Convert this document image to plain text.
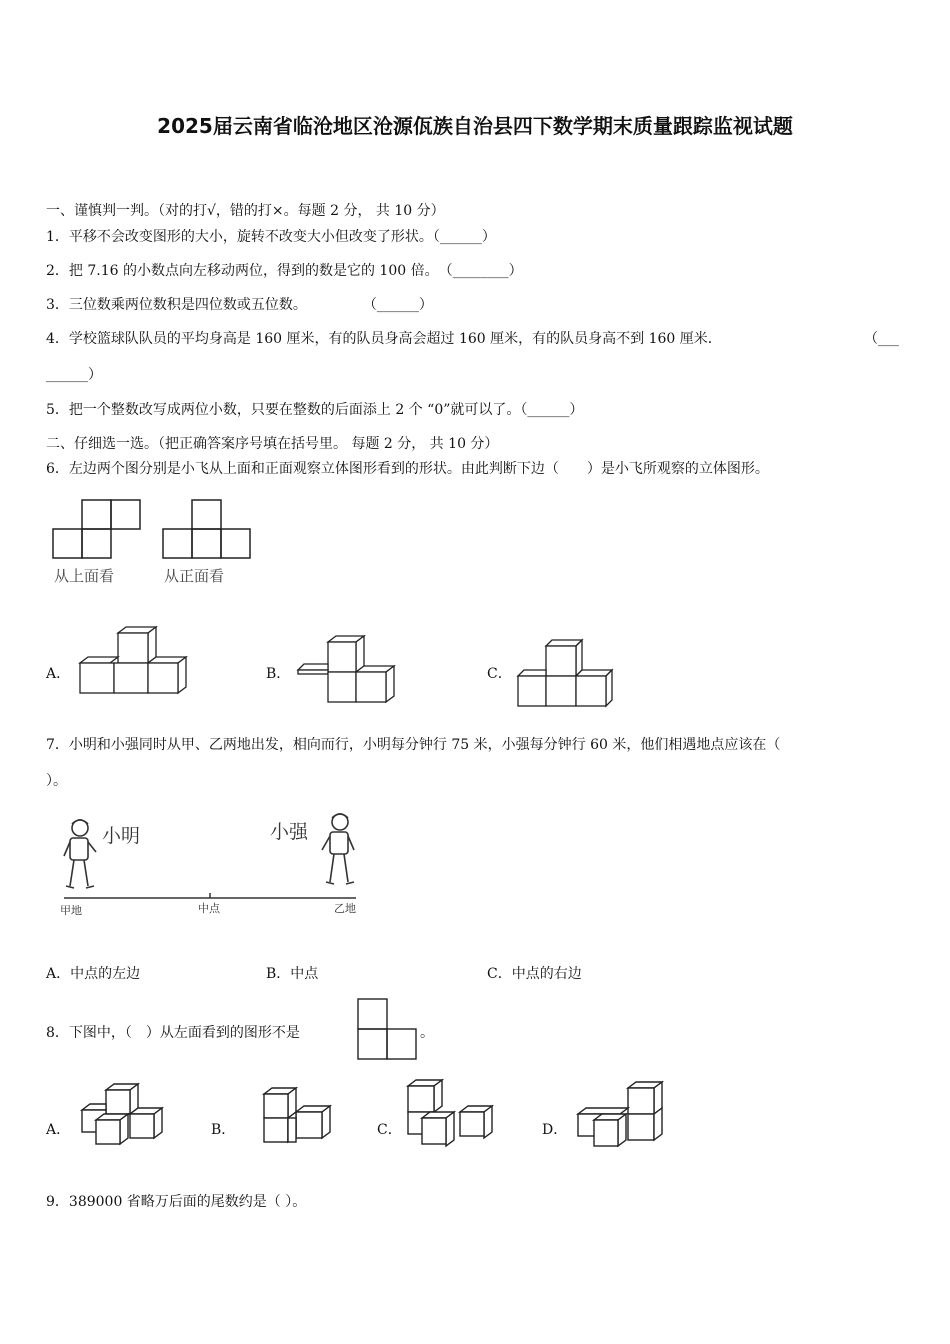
2025届云南省临沧地区沧源佤族自治县四下数学期末质量跟踪监视试题
一、谨慎判一判。（对的打√，错的打×。每题 2 分， 共 10 分）
1．平移不会改变图形的大小，旋转不改变大小但改变了形状。（______）
2．把 7.16 的小数点向左移动两位，得到的数是它的 100 倍。　（________）
3．三位数乘两位数积是四位数或五位数。　　　　　（______）
4．学校篮球队队员的平均身高是 160 厘米，有的队员身高会超过 160 厘米，有的队员身高不到 160 厘米．	（___
______）
5．把一个整数改写成两位小数，只要在整数的后面添上 2 个 “0”就可以了。（______）
二、仔细选一选。（把正确答案序号填在括号里。 每题 2 分， 共 10 分）
6．左边两个图分别是小飞从上面和正面观察立体图形看到的形状。由此判断下边（　　）是小飞所观察的立体图形。
从上面看	从正面看
A．	B．	C．
7．小明和小强同时从甲、乙两地出发，相向而行，小明每分钟行 75 米，小强每分钟行 60 米，他们相遇地点应该在（
）。
小明	小强
甲地	中点	乙地
A．中点的左边	B．中点	C．中点的右边
8．下图中，（　）从左面看到的图形不是	。
A．	B．	C．	D．
9．389000 省略万后面的尾数约是（ ）。
